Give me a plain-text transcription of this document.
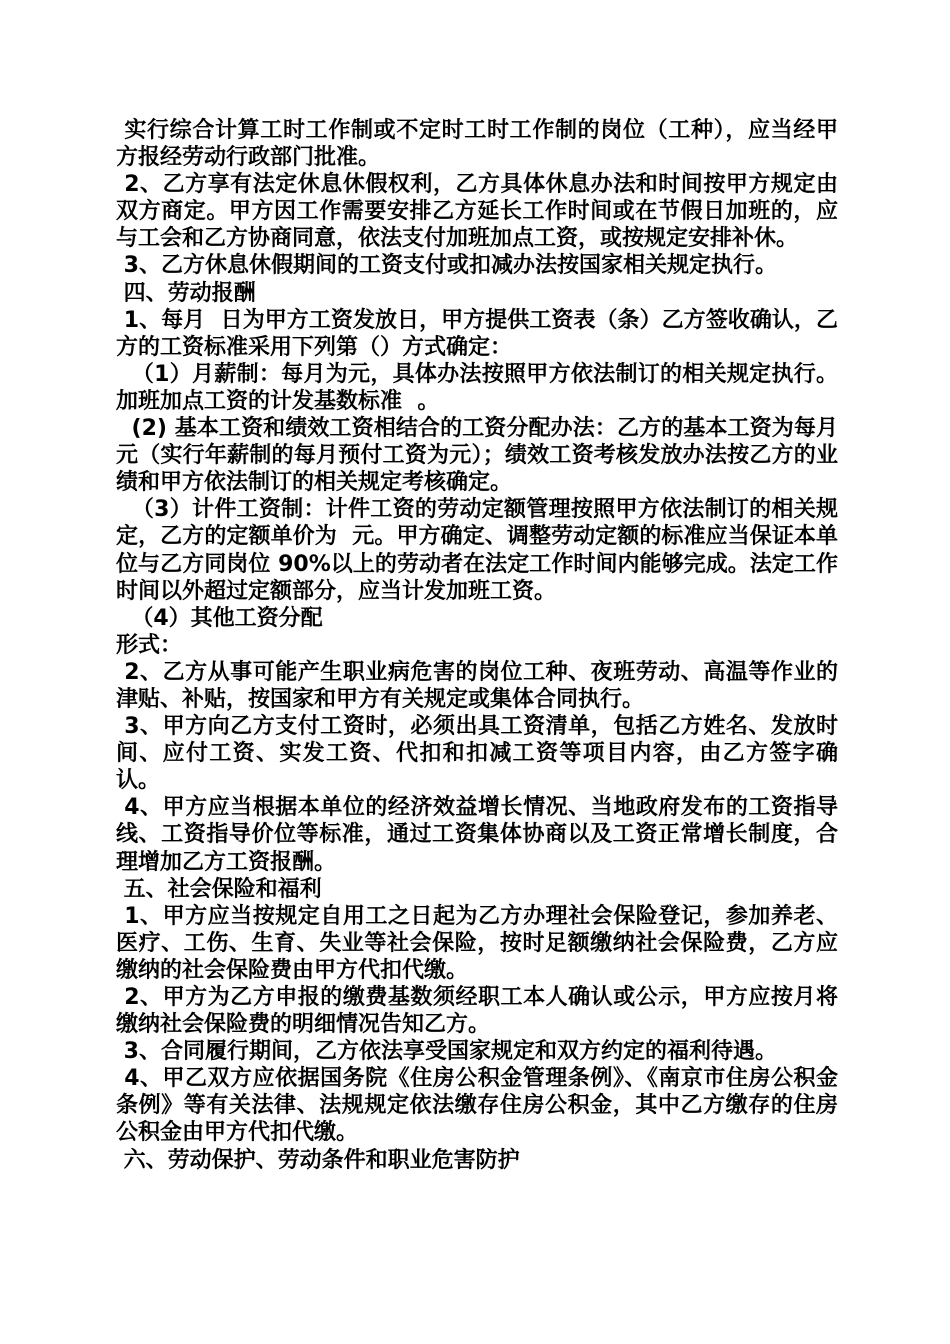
实行综合计算工时工作制或不定时工时工作制的岗位（工种），应当经甲方报经劳动行政部门批准。

2、乙方享有法定休息休假权利，乙方具体休息办法和时间按甲方规定由双方商定。甲方因工作需要安排乙方延长工作时间或在节假日加班的，应与工会和乙方协商同意，依法支付加班加点工资，或按规定安排补休。

3、乙方休息休假期间的工资支付或扣减办法按国家相关规定执行。

四、劳动报酬

1、每月  日为甲方工资发放日，甲方提供工资表（条）乙方签收确认，乙方的工资标准采用下列第（）方式确定：

（1）月薪制：每月为元，具体办法按照甲方依法制订的相关规定执行。加班加点工资的计发基数标准  。

(2) 基本工资和绩效工资相结合的工资分配办法：乙方的基本工资为每月元（实行年薪制的每月预付工资为元）；绩效工资考核发放办法按乙方的业绩和甲方依法制订的相关规定考核确定。

（3）计件工资制：计件工资的劳动定额管理按照甲方依法制订的相关规定，乙方的定额单价为  元。甲方确定、调整劳动定额的标准应当保证本单位与乙方同岗位 90%以上的劳动者在法定工作时间内能够完成。法定工作时间以外超过定额部分，应当计发加班工资。

（4）其他工资分配

形式：

2、乙方从事可能产生职业病危害的岗位工种、夜班劳动、高温等作业的津贴、补贴，按国家和甲方有关规定或集体合同执行。

3、甲方向乙方支付工资时，必须出具工资清单，包括乙方姓名、发放时间、应付工资、实发工资、代扣和扣减工资等项目内容，由乙方签字确认。

4、甲方应当根据本单位的经济效益增长情况、当地政府发布的工资指导线、工资指导价位等标准，通过工资集体协商以及工资正常增长制度，合理增加乙方工资报酬。

五、社会保险和福利

1、甲方应当按规定自用工之日起为乙方办理社会保险登记，参加养老、医疗、工伤、生育、失业等社会保险，按时足额缴纳社会保险费，乙方应缴纳的社会保险费由甲方代扣代缴。

2、甲方为乙方申报的缴费基数须经职工本人确认或公示，甲方应按月将缴纳社会保险费的明细情况告知乙方。

3、合同履行期间，乙方依法享受国家规定和双方约定的福利待遇。

4、甲乙双方应依据国务院《住房公积金管理条例》、《南京市住房公积金条例》等有关法律、法规规定依法缴存住房公积金，其中乙方缴存的住房公积金由甲方代扣代缴。

六、劳动保护、劳动条件和职业危害防护
